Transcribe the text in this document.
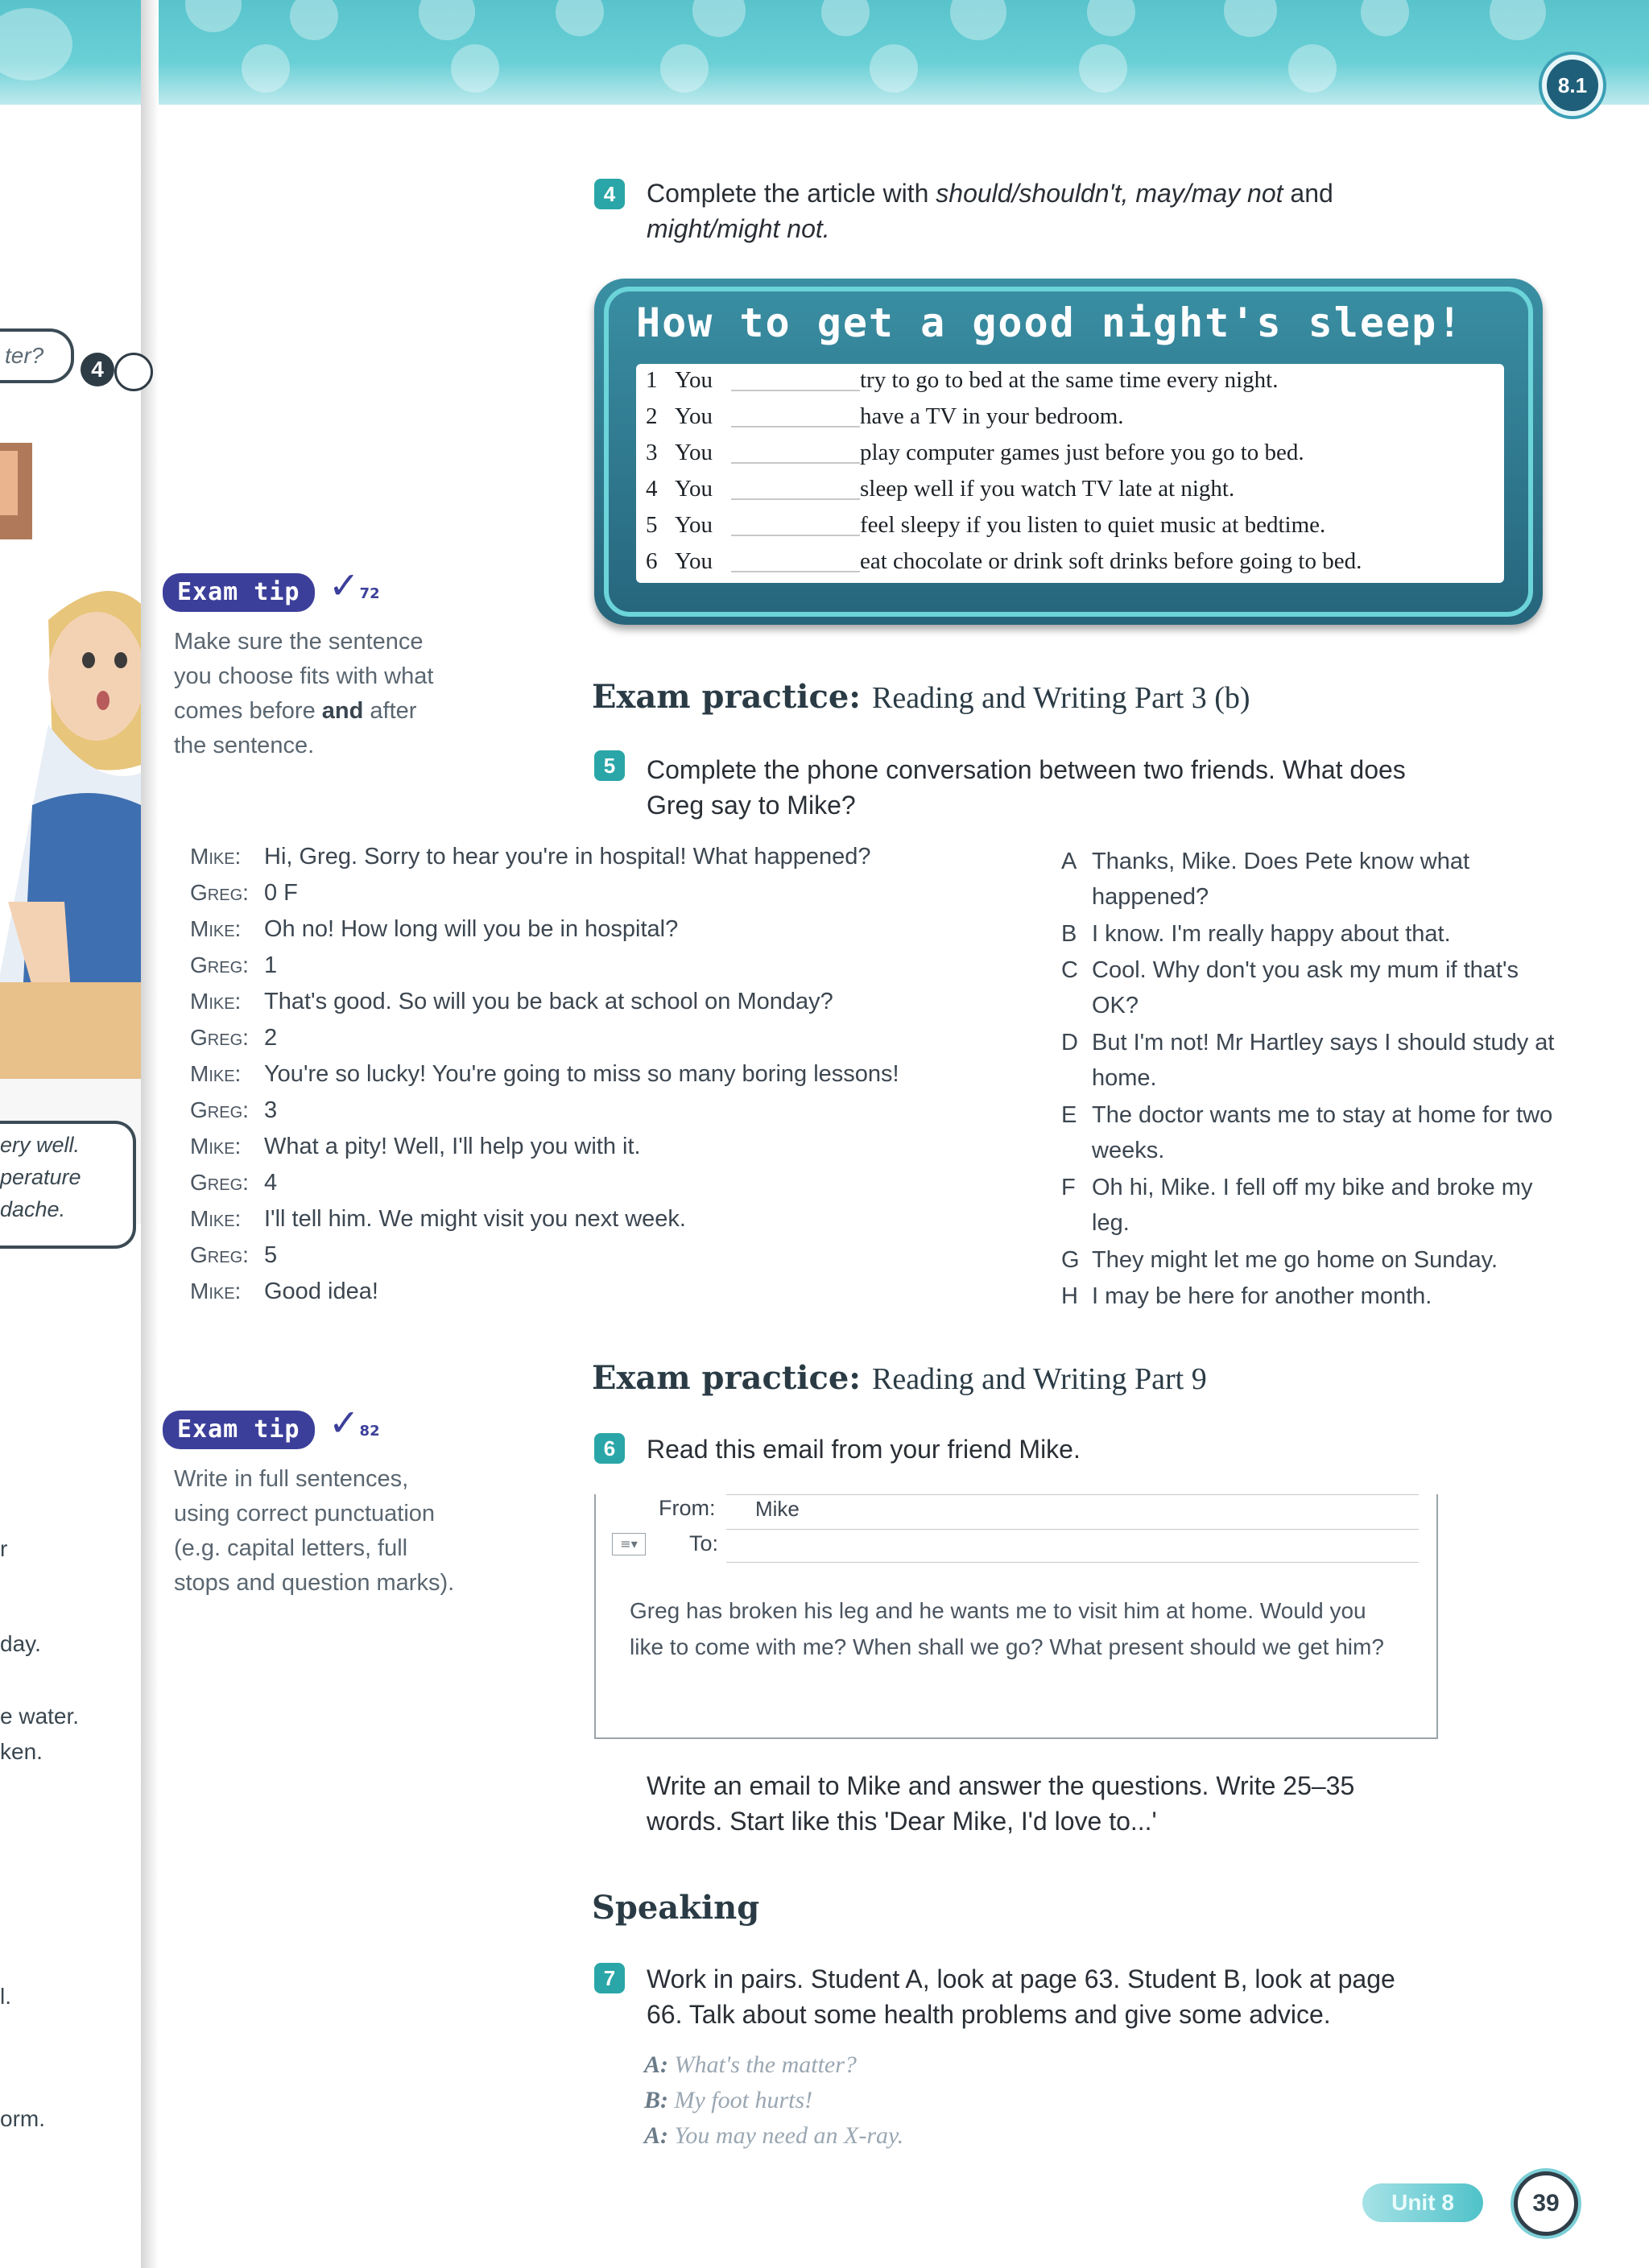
8.1
ter?
4
ery well.
perature
dache.
r
day.
e water.
ken.
l.
orm.
Exam tip ✓72
Make sure the sentence
you choose fits with what
comes before and after
the sentence.
4	Complete the article with should/shouldn't, may/may not and
might/might not.
How to get a good night's sleep!
1 You	try to go to bed at the same time every night.
2 You	have a TV in your bedroom.
3 You	play computer games just before you go to bed.
4 You	sleep well if you watch TV late at night.
5 You	feel sleepy if you listen to quiet music at bedtime.
6 You	eat chocolate or drink soft drinks before going to bed.
Exam practice: Reading and Writing Part 3 (b)
5	Complete the phone conversation between two friends. What does
Greg say to Mike?
Mike: Hi, Greg. Sorry to hear you're in hospital! What happened?
Greg: 0 F
Mike: Oh no! How long will you be in hospital?
Greg: 1
Mike: That's good. So will you be back at school on Monday?
Greg: 2
Mike: You're so lucky! You're going to miss so many boring lessons!
Greg: 3
Mike: What a pity! Well, I'll help you with it.
Greg: 4
Mike: I'll tell him. We might visit you next week.
Greg: 5
Mike: Good idea!
A Thanks, Mike. Does Pete know what happened?
B I know. I'm really happy about that.
C Cool. Why don't you ask my mum if that's OK?
D But I'm not! Mr Hartley says I should study at home.
E The doctor wants me to stay at home for two weeks.
F Oh hi, Mike. I fell off my bike and broke my leg.
G They might let me go home on Sunday.
H I may be here for another month.
Exam practice: Reading and Writing Part 9
Exam tip ✓82
Write in full sentences,
using correct punctuation
(e.g. capital letters, full
stops and question marks).
6	Read this email from your friend Mike.
From: Mike
≡▾	To:
Greg has broken his leg and he wants me to visit him at home. Would you like to come with me? When shall we go? What present should we get him?
Write an email to Mike and answer the questions. Write 25–35
words. Start like this 'Dear Mike, I'd love to...'
Speaking
7	Work in pairs. Student A, look at page 63. Student B, look at page
66. Talk about some health problems and give some advice.
A: What's the matter?
B: My foot hurts!
A: You may need an X-ray.
Unit 8	39
